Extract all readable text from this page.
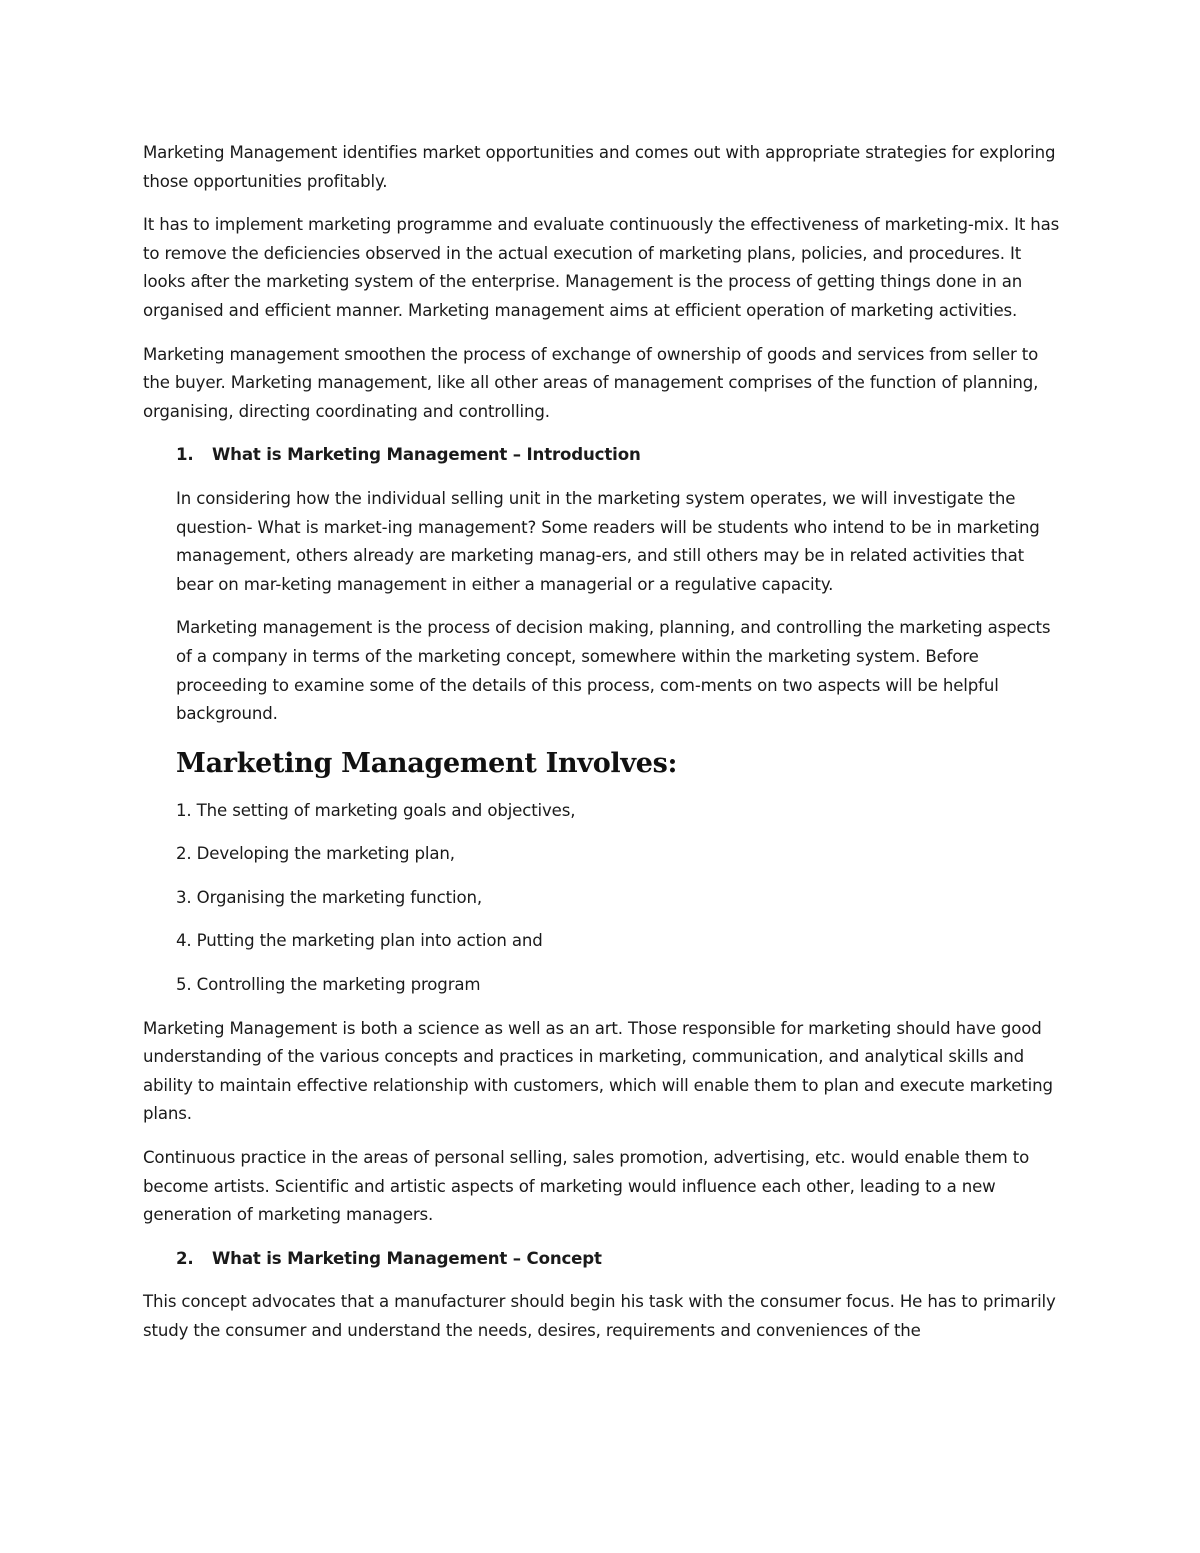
Marketing Management identifies market opportunities and comes out with appropriate strategies for exploring those opportunities profitably.

It has to implement marketing programme and evaluate continuously the effectiveness of marketing-mix. It has to remove the deficiencies observed in the actual execution of marketing plans, policies, and procedures. It looks after the marketing system of the enterprise. Management is the process of getting things done in an organised and efficient manner. Marketing management aims at efficient operation of marketing activities.

Marketing management smoothen the process of exchange of ownership of goods and services from seller to the buyer. Marketing management, like all other areas of management comprises of the function of planning, organising, directing coordinating and controlling.

1. What is Marketing Management – Introduction

In considering how the individual selling unit in the marketing system operates, we will investigate the question- What is market-ing management? Some readers will be students who intend to be in marketing management, others already are marketing manag-ers, and still others may be in related activities that bear on mar-keting management in either a managerial or a regulative capacity.

Marketing management is the process of decision making, planning, and controlling the marketing aspects of a company in terms of the marketing concept, somewhere within the marketing system. Before proceeding to examine some of the details of this process, com-ments on two aspects will be helpful background.

Marketing Management Involves:
1. The setting of marketing goals and objectives,
2. Developing the marketing plan,
3. Organising the marketing function,
4. Putting the marketing plan into action and
5. Controlling the marketing program

Marketing Management is both a science as well as an art. Those responsible for marketing should have good understanding of the various concepts and practices in marketing, communication, and analytical skills and ability to maintain effective relationship with customers, which will enable them to plan and execute marketing plans.

Continuous practice in the areas of personal selling, sales promotion, advertising, etc. would enable them to become artists. Scientific and artistic aspects of marketing would influence each other, leading to a new generation of marketing managers.

2. What is Marketing Management – Concept

This concept advocates that a manufacturer should begin his task with the consumer focus. He has to primarily study the consumer and understand the needs, desires, requirements and conveniences of the
